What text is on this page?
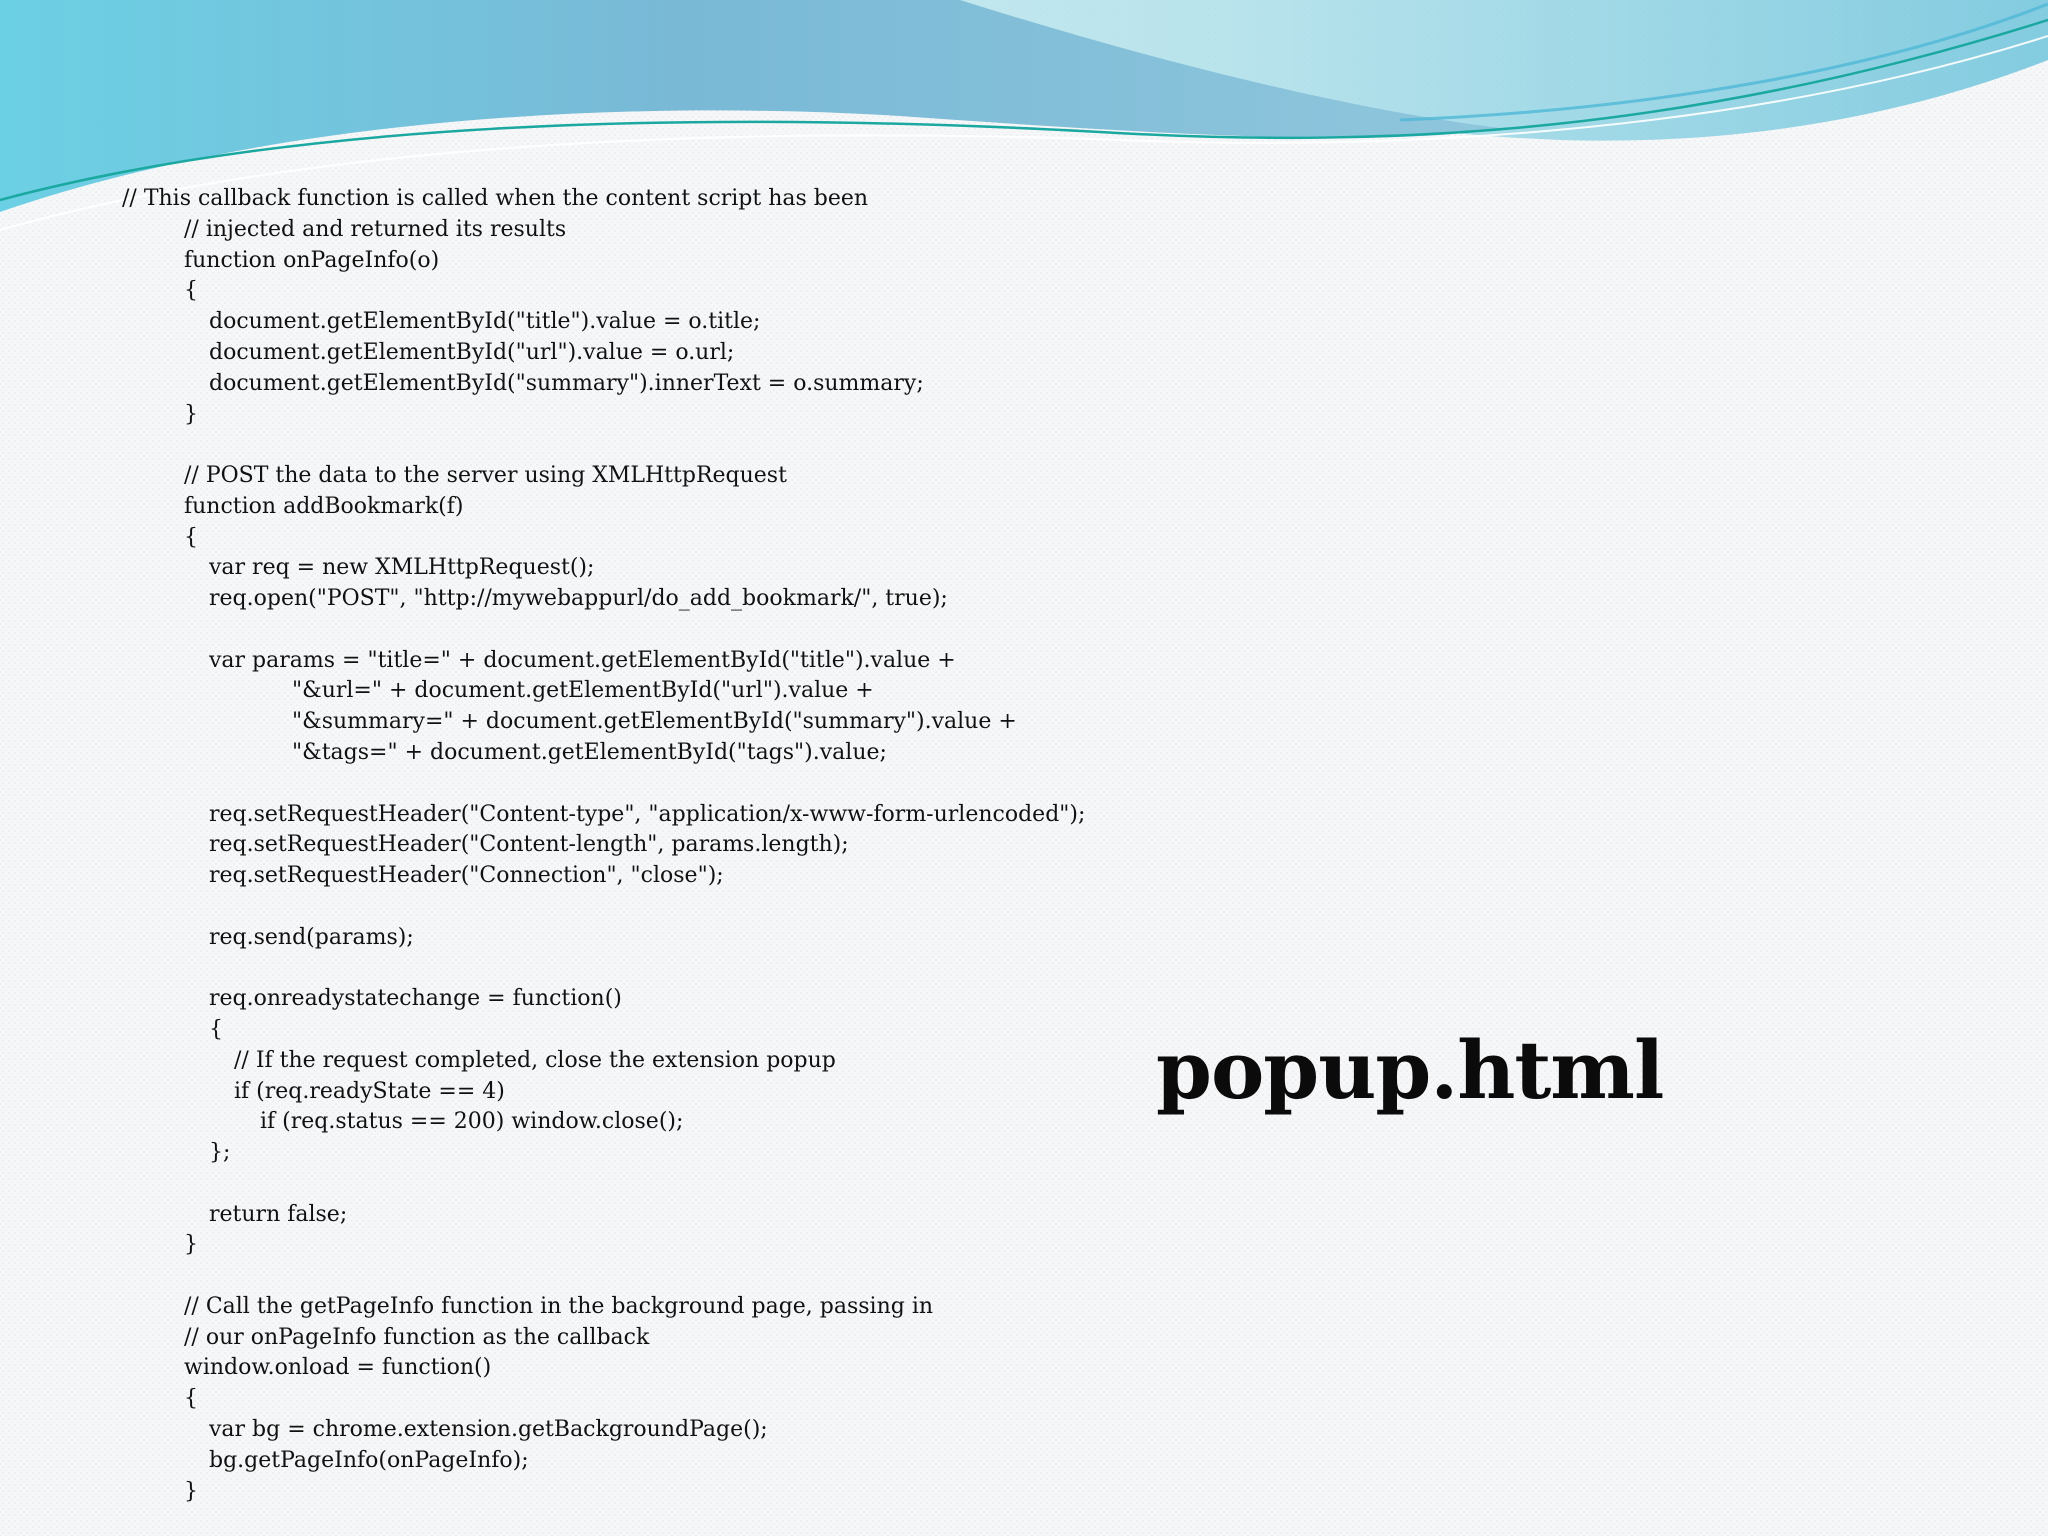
// This callback function is called when the content script has been
// injected and returned its results
function onPageInfo(o)
{
document.getElementById("title").value = o.title;
document.getElementById("url").value = o.url;
document.getElementById("summary").innerText = o.summary;
}
// POST the data to the server using XMLHttpRequest
function addBookmark(f)
{
var req = new XMLHttpRequest();
req.open("POST", "http://mywebappurl/do_add_bookmark/", true);
var params = "title=" + document.getElementById("title").value +
"&url=" + document.getElementById("url").value +
"&summary=" + document.getElementById("summary").value +
"&tags=" + document.getElementById("tags").value;
req.setRequestHeader("Content-type", "application/x-www-form-urlencoded");
req.setRequestHeader("Content-length", params.length);
req.setRequestHeader("Connection", "close");
req.send(params);
req.onreadystatechange = function()
{
// If the request completed, close the extension popup
if (req.readyState == 4)
if (req.status == 200) window.close();
};
return false;
}
// Call the getPageInfo function in the background page, passing in
// our onPageInfo function as the callback
window.onload = function()
{
var bg = chrome.extension.getBackgroundPage();
bg.getPageInfo(onPageInfo);
}
popup.html
